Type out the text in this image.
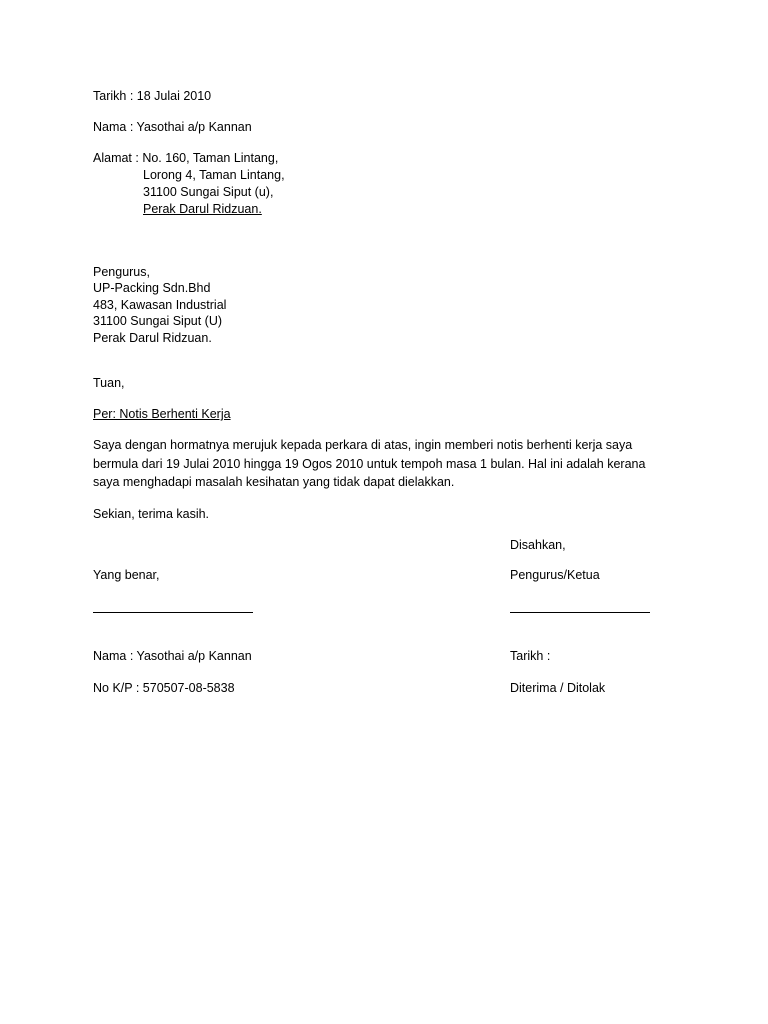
Tarikh : 18 Julai 2010
Nama : Yasothai a/p Kannan
Alamat : No. 160, Taman Lintang,
Lorong 4, Taman Lintang,
31100 Sungai Siput (u),
Perak Darul Ridzuan.
Pengurus,
UP-Packing Sdn.Bhd
483, Kawasan Industrial
31100 Sungai Siput (U)
Perak Darul Ridzuan.
Tuan,
Per: Notis Berhenti Kerja
Saya dengan hormatnya merujuk kepada perkara di atas, ingin memberi notis berhenti kerja saya
bermula dari 19 Julai 2010 hingga 19 Ogos 2010 untuk tempoh masa 1 bulan. Hal ini adalah kerana
saya menghadapi masalah kesihatan yang tidak dapat dielakkan.
Sekian, terima kasih.
Disahkan,
Pengurus/Ketua
Yang benar,
Nama : Yasothai a/p Kannan	Tarikh :
No K/P : 570507-08-5838	Diterima / Ditolak
